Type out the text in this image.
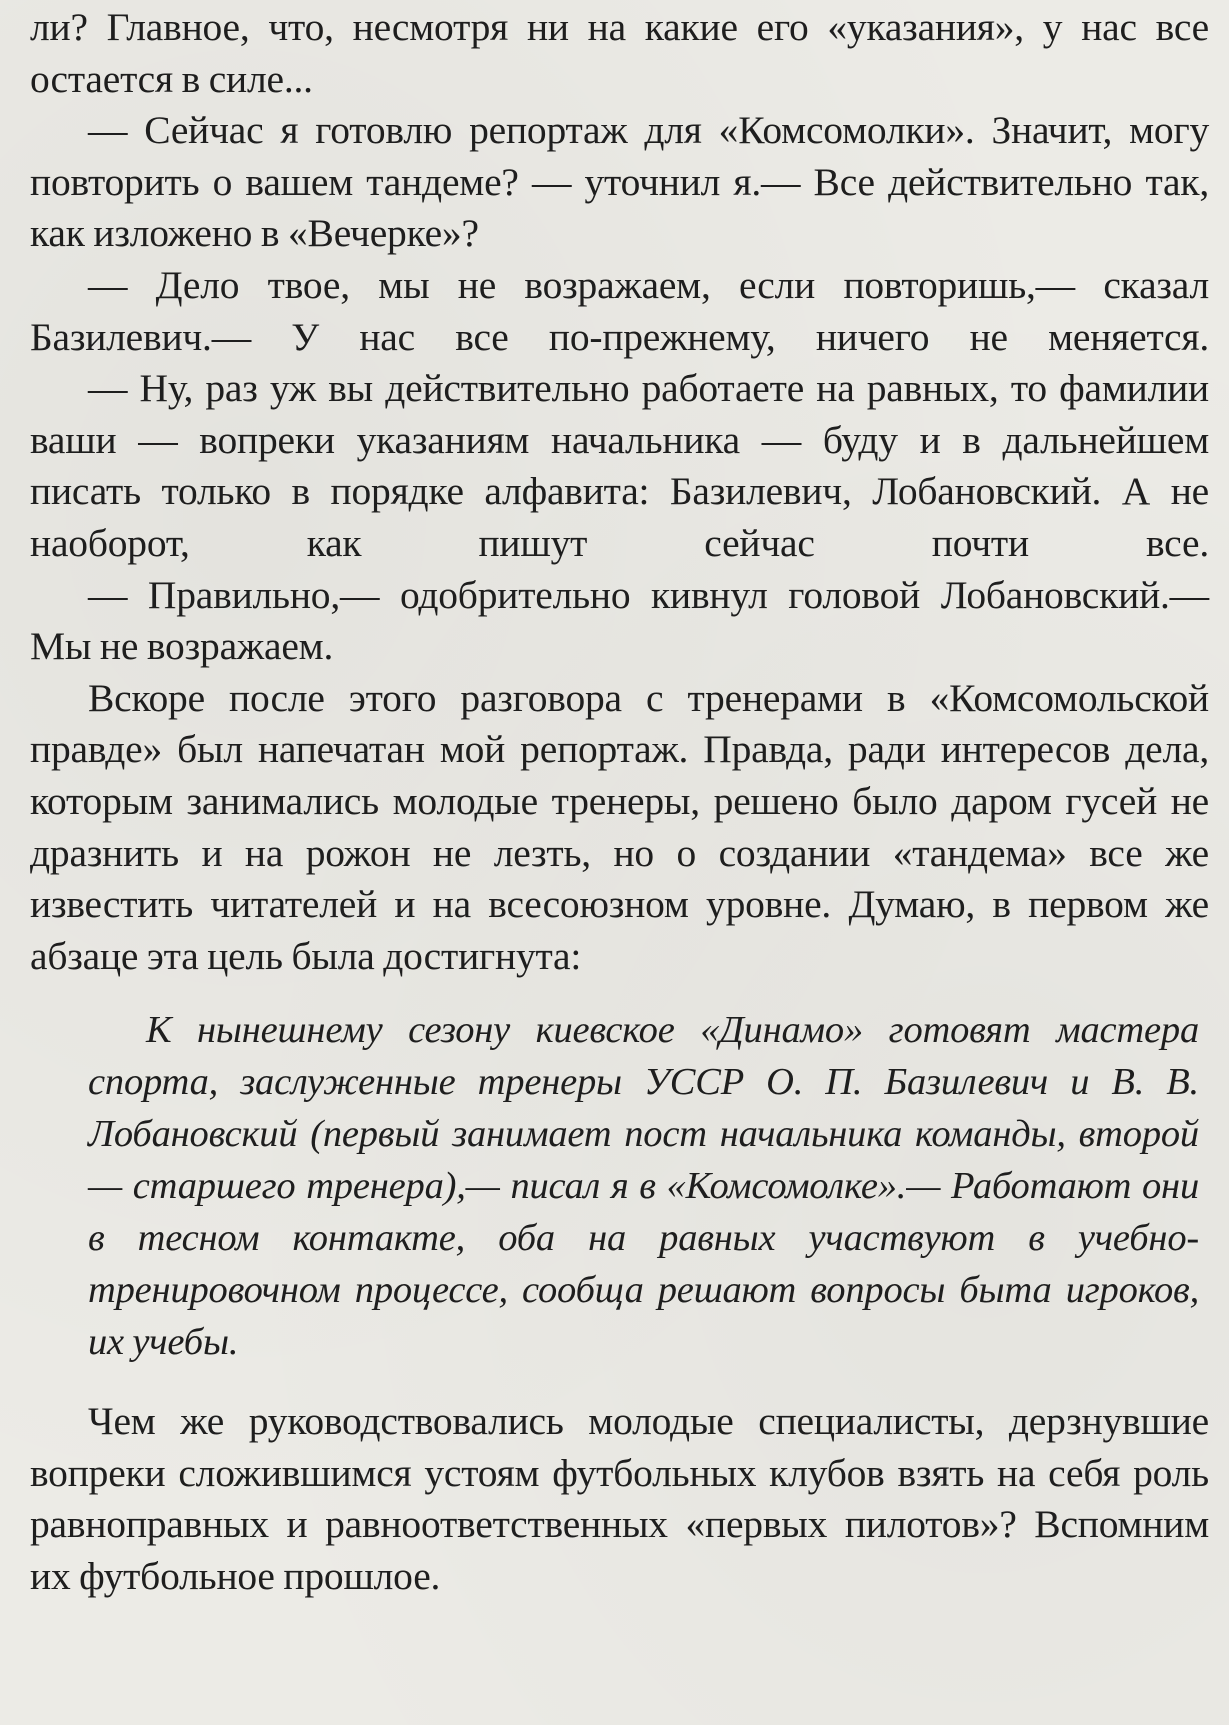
ли? Главное, что, несмотря ни на какие его «указания», у нас все остается в силе...

— Сейчас я готовлю репортаж для «Комсомолки». Значит, могу повторить о вашем тандеме? — уточнил я.— Все действительно так, как изложено в «Вечерке»?

— Дело твое, мы не возражаем, если повторишь,— сказал Базилевич.— У нас все по-прежнему, ничего не меняется.

— Ну, раз уж вы действительно работаете на равных, то фамилии ваши — вопреки указаниям начальника — буду и в дальнейшем писать только в порядке алфавита: Базилевич, Лобановский. А не наоборот, как пишут сейчас почти все.

— Правильно,— одобрительно кивнул головой Лобановский.— Мы не возражаем.

Вскоре после этого разговора с тренерами в «Комсомольской правде» был напечатан мой репортаж. Правда, ради интересов дела, которым занимались молодые тренеры, решено было даром гусей не дразнить и на рожон не лезть, но о создании «тандема» все же известить читателей и на всесоюзном уровне. Думаю, в первом же абзаце эта цель была достигнута:

К нынешнему сезону киевское «Динамо» готовят мастера спорта, заслуженные тренеры УССР О. П. Базилевич и В. В. Лобановский (первый занимает пост начальника команды, второй — старшего тренера),— писал я в «Комсомолке».— Работают они в тесном контакте, оба на равных участвуют в учебно-тренировочном процессе, сообща решают вопросы быта игроков, их учебы.

Чем же руководствовались молодые специалисты, дерзнувшие вопреки сложившимся устоям футбольных клубов взять на себя роль равноправных и равноответственных «первых пилотов»? Вспомним их футбольное прошлое.
